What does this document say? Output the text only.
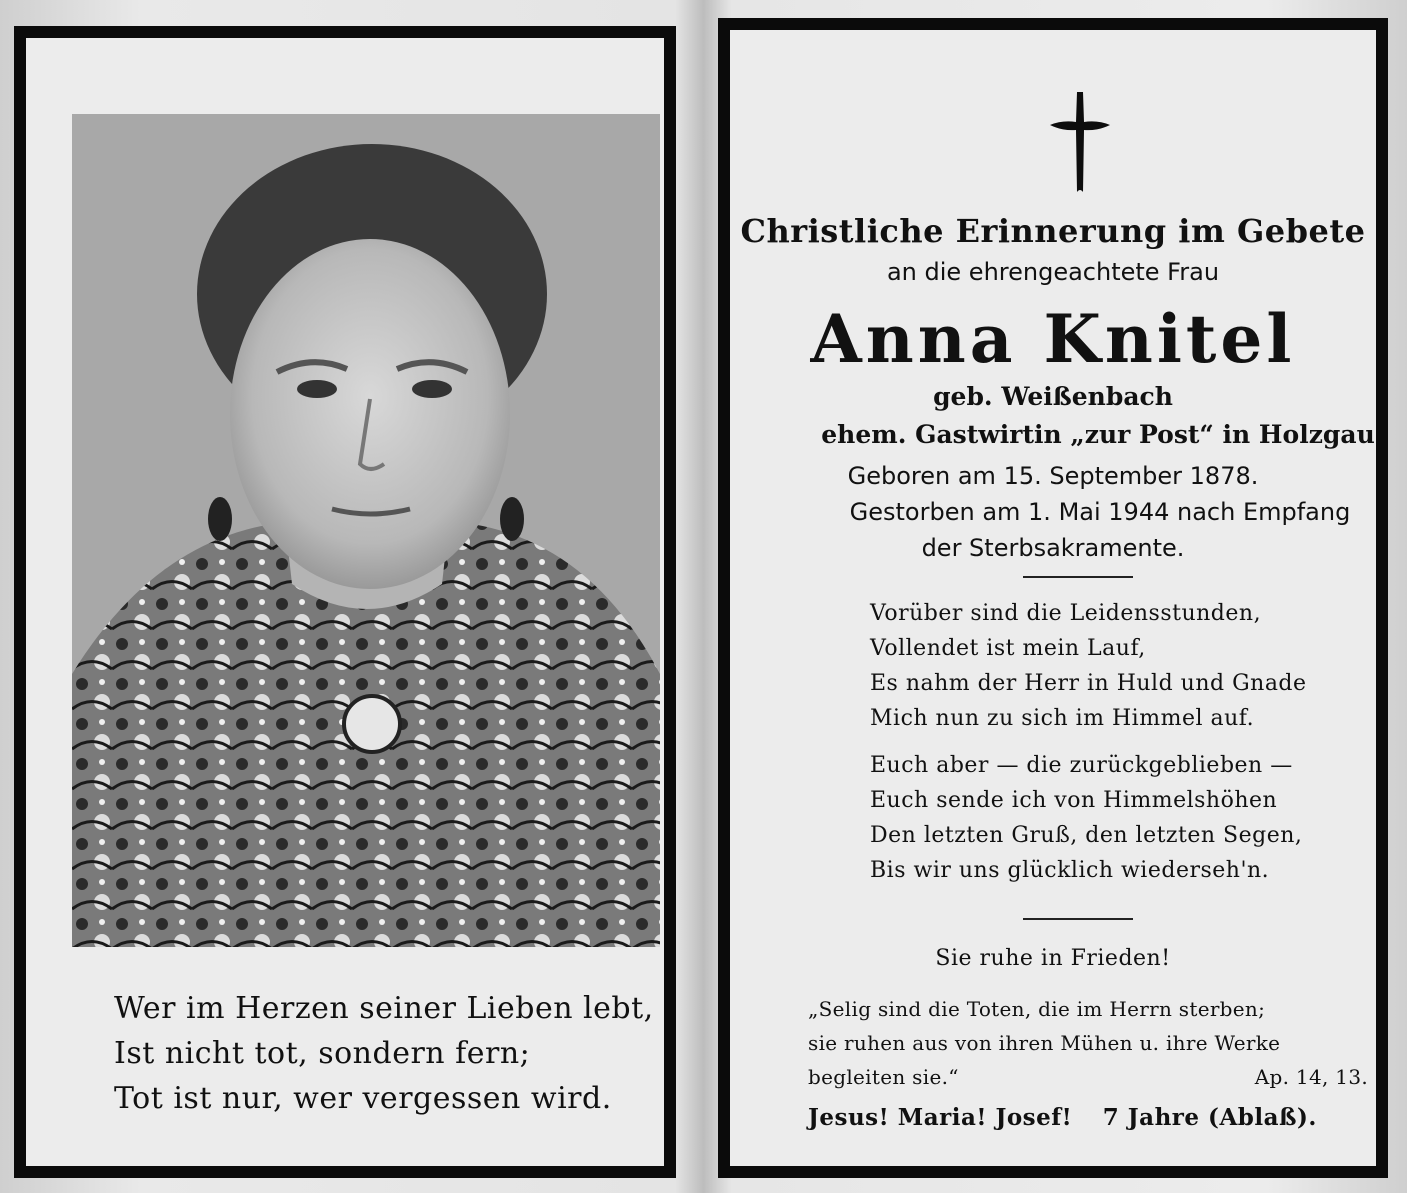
Wer im Herzen seiner Lieben lebt,
Ist nicht tot, sondern fern;
Tot ist nur, wer vergessen wird.
Christliche Erinnerung im Gebete
an die ehrengeachtete Frau
Anna Knitel
geb. Weißenbach
ehem. Gastwirtin „zur Post“ in Holzgau
Geboren am 15. September 1878.
Gestorben am 1. Mai 1944 nach Empfang
der Sterbsakramente.
Vorüber sind die Leidensstunden,
Vollendet ist mein Lauf,
Es nahm der Herr in Huld und Gnade
Mich nun zu sich im Himmel auf.
Euch aber — die zurückgeblieben —
Euch sende ich von Himmelshöhen
Den letzten Gruß, den letzten Segen,
Bis wir uns glücklich wiederseh'n.
Sie ruhe in Frieden!
„Selig sind die Toten, die im Herrn sterben;
sie ruhen aus von ihren Mühen u. ihre Werke
begleiten sie.“	Ap. 14, 13.
Jesus! Maria! Josef! 7 Jahre (Ablaß).
